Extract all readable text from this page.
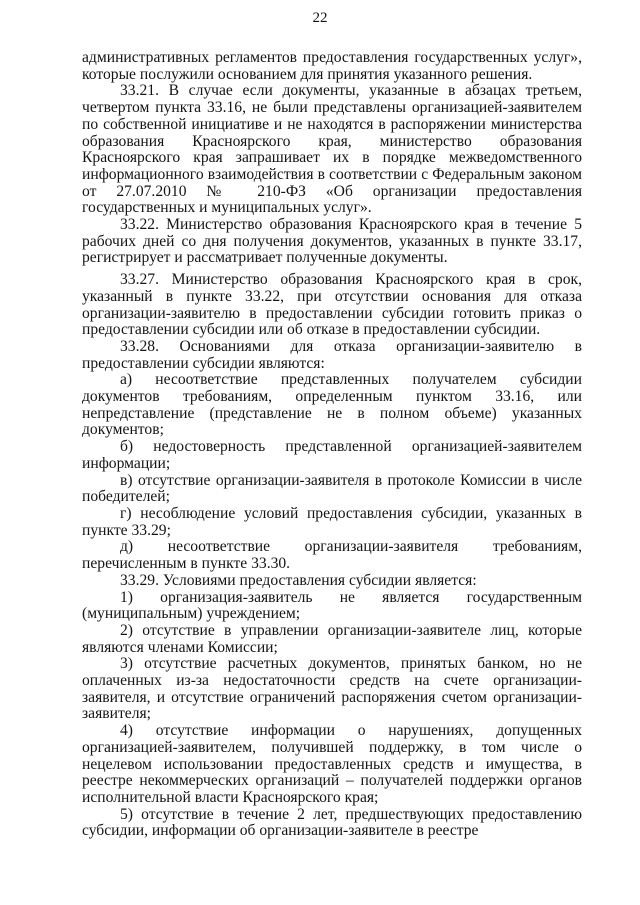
22

административных регламентов предоставления государственных услуг», которые послужили основанием для принятия указанного решения.

33.21. В случае если документы, указанные в абзацах третьем, четвертом пункта 33.16, не были представлены организацией-заявителем по собственной инициативе и не находятся в распоряжении министерства образования Красноярского края, министерство образования Красноярского края запрашивает их в порядке межведомственного информационного взаимодействия в соответствии с Федеральным законом от 27.07.2010 № 210-ФЗ «Об организации предоставления государственных и муниципальных услуг».

33.22. Министерство образования Красноярского края в течение 5 рабочих дней со дня получения документов, указанных в пункте 33.17, регистрирует и рассматривает полученные документы.

33.27. Министерство образования Красноярского края в срок, указанный в пункте 33.22, при отсутствии основания для отказа организации-заявителю в предоставлении субсидии готовить приказ о предоставлении субсидии или об отказе в предоставлении субсидии.

33.28. Основаниями для отказа организации-заявителю в предоставлении субсидии являются:

а) несоответствие представленных получателем субсидии документов требованиям, определенным пунктом 33.16, или непредставление (представление не в полном объеме) указанных документов;

б) недостоверность представленной организацией-заявителем информации;

в) отсутствие организации-заявителя в протоколе Комиссии в числе победителей;

г) несоблюдение условий предоставления субсидии, указанных в пункте 33.29;

д) несоответствие организации-заявителя требованиям, перечисленным в пункте 33.30.

33.29. Условиями предоставления субсидии является:

1) организация-заявитель не является государственным (муниципальным) учреждением;

2) отсутствие в управлении организации-заявителе лиц, которые являются членами Комиссии;

3) отсутствие расчетных документов, принятых банком, но не оплаченных из-за недостаточности средств на счете организации-заявителя, и отсутствие ограничений распоряжения счетом организации-заявителя;

4) отсутствие информации о нарушениях, допущенных организацией-заявителем, получившей поддержку, в том числе о нецелевом использовании предоставленных средств и имущества, в реестре некоммерческих организаций – получателей поддержки органов исполнительной власти Красноярского края;

5) отсутствие в течение 2 лет, предшествующих предоставлению субсидии, информации об организации-заявителе в реестре
